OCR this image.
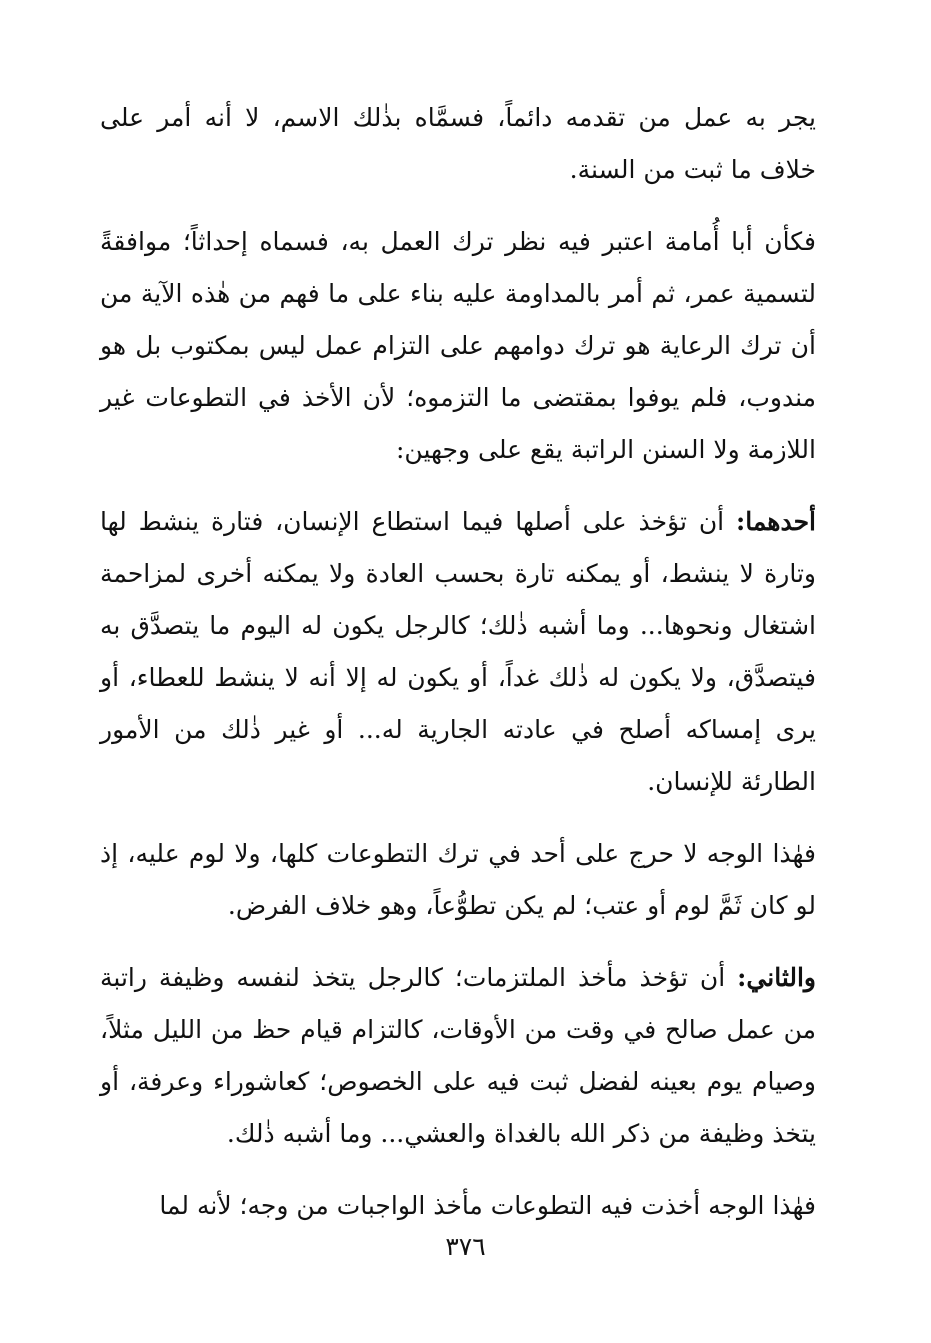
يجر به عمل من تقدمه دائماً، فسمَّاه بذٰلك الاسم، لا أنه أمر على خلاف ما ثبت من السنة.

فكأن أبا أُمامة اعتبر فيه نظر ترك العمل به، فسماه إحداثاً؛ موافقةً لتسمية عمر، ثم أمر بالمداومة عليه بناء على ما فهم من هٰذه الآية من أن ترك الرعاية هو ترك دوامهم على التزام عمل ليس بمكتوب بل هو مندوب، فلم يوفوا بمقتضى ما التزموه؛ لأن الأخذ في التطوعات غير اللازمة ولا السنن الراتبة يقع على وجهين:

أحدهما: أن تؤخذ على أصلها فيما استطاع الإنسان، فتارة ينشط لها وتارة لا ينشط، أو يمكنه تارة بحسب العادة ولا يمكنه أخرى لمزاحمة اشتغال ونحوها... وما أشبه ذٰلك؛ كالرجل يكون له اليوم ما يتصدَّق به فيتصدَّق، ولا يكون له ذٰلك غداً، أو يكون له إلا أنه لا ينشط للعطاء، أو يرى إمساكه أصلح في عادته الجارية له... أو غير ذٰلك من الأمور الطارئة للإنسان.

فهٰذا الوجه لا حرج على أحد في ترك التطوعات كلها، ولا لوم عليه، إذ لو كان ثَمَّ لوم أو عتب؛ لم يكن تطوُّعاً، وهو خلاف الفرض.

والثاني: أن تؤخذ مأخذ الملتزمات؛ كالرجل يتخذ لنفسه وظيفة راتبة من عمل صالح في وقت من الأوقات، كالتزام قيام حظ من الليل مثلاً، وصيام يوم بعينه لفضل ثبت فيه على الخصوص؛ كعاشوراء وعرفة، أو يتخذ وظيفة من ذكر الله بالغداة والعشي... وما أشبه ذٰلك.

فهٰذا الوجه أخذت فيه التطوعات مأخذ الواجبات من وجه؛ لأنه لما

٣٧٦
